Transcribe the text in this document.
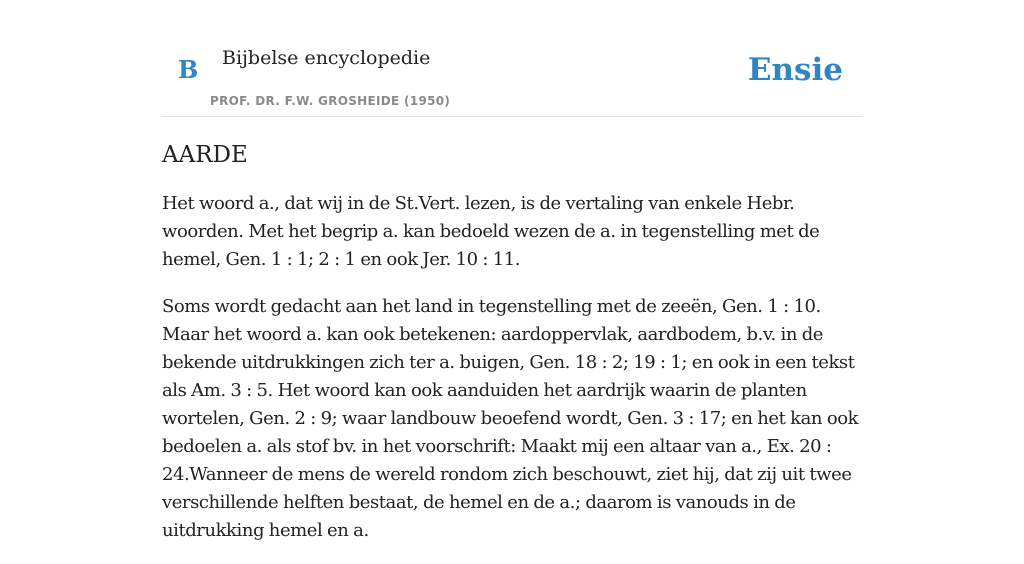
B Bijbelse encyclopedie
PROF. DR. F.W. GROSHEIDE (1950)
Ensie
AARDE

Het woord a., dat wij in de St.Vert. lezen, is de vertaling van enkele Hebr. woorden. Met het begrip a. kan bedoeld wezen de a. in tegenstelling met de hemel, Gen. 1 : 1; 2 : 1 en ook Jer. 10 : 11.

Soms wordt gedacht aan het land in tegenstelling met de zeeën, Gen. 1 : 10. Maar het woord a. kan ook betekenen: aardoppervlak, aardbodem, b.v. in de bekende uitdrukkingen zich ter a. buigen, Gen. 18 : 2; 19 : 1; en ook in een tekst als Am. 3 : 5. Het woord kan ook aanduiden het aardrijk waarin de planten wortelen, Gen. 2 : 9; waar landbouw beoefend wordt, Gen. 3 : 17; en het kan ook bedoelen a. als stof bv. in het voorschrift: Maakt mij een altaar van a., Ex. 20 : 24.Wanneer de mens de wereld rondom zich beschouwt, ziet hij, dat zij uit twee verschillende helften bestaat, de hemel en de a.; daarom is vanouds in de uitdrukking hemel en a.
